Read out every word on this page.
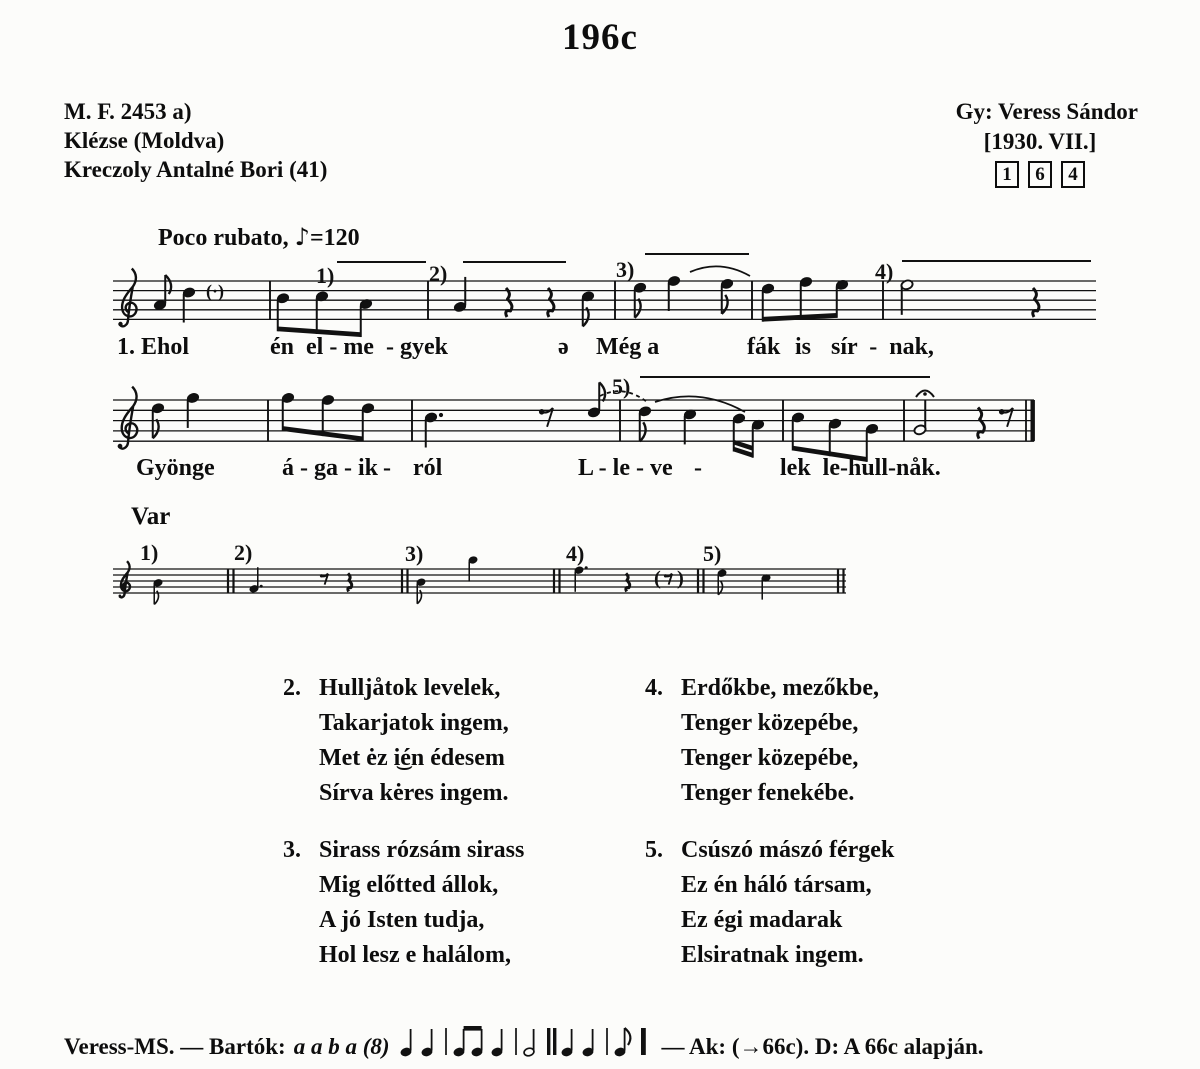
196c
M. F. 2453 a)
Klézse (Moldva)
Kreczoly Antalné Bori (41)
Gy: Veress Sándor
[1930. VII.]
1	6	4
Poco rubato, ♪=120
(·)
1)	2)	3)	4)
5)
1)	2)	3)	4)
( )
5)
1. Ehol	én el - me - gyek	ə Még a	fák is sír  -  nak,
Gyönge	á - ga - ik - ról	L - le - ve -	lek  le-hull-nåk.
Var
2. Hulljåtok levelek,
Takarjatok ingem,
Met ėz i͜én édesem
Sírva kėres ingem.
3. Sirass rózsám sirass
Mig előtted állok,
A jó Isten tudja,
Hol lesz e halálom,
4. Erdőkbe, mezőkbe,
Tenger közepébe,
Tenger közepébe,
Tenger fenekébe.
5. Csúszó mászó férgek
Ez én háló társam,
Ez égi madarak
Elsiratnak ingem.
Veress-MS. — Bartók: a a b a (8)	— Ak: (→66c). D: A 66c alapján.
